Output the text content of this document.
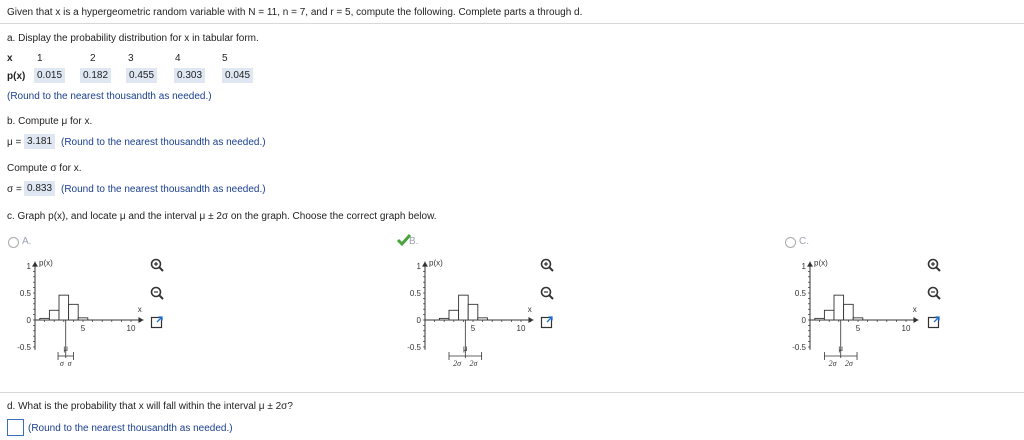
Given that x is a hypergeometric random variable with N = 11, n = 7, and r = 5, compute the following. Complete parts a through d.
a. Display the probability distribution for x in tabular form.
x 1	2	3	4	5
p(x)	0.015	0.182	0.455	0.303	0.045
(Round to the nearest thousandth as needed.)
b. Compute μ for x.
μ = 3.181 (Round to the nearest thousandth as needed.)
Compute σ for x.
σ = 0.833 (Round to the nearest thousandth as needed.)
c. Graph p(x), and locate μ and the interval μ ± 2σ on the graph. Choose the correct graph below.
A.	B.	C.
1
0.5
0
-0.5
5	10
p(x)
x
μ
σ σ
1
0.5
0
-0.5
5	10
p(x)
x
μ
2σ 2σ
1
0.5
0
-0.5
5	10
p(x)
x
μ
2σ 2σ
d. What is the probability that x will fall within the interval μ ± 2σ?
(Round to the nearest thousandth as needed.)
